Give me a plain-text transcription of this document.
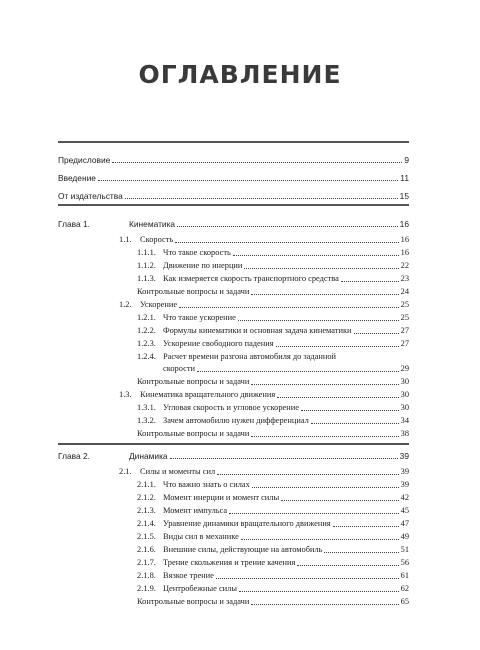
ОГЛАВЛЕНИЕ
Предисловие	9
Введение	11
От издательства	15
Глава 1.	Кинематика	16
1.1. Скорость	16
1.1.1. Что такое скорость	16
1.1.2. Движение по инерции	22
1.1.3. Как измеряется скорость транспортного средства	23
Контрольные вопросы и задачи	24
1.2. Ускорение	25
1.2.1. Что такое ускорение	25
1.2.2. Формулы кинематики и основная задача кинематики	27
1.2.3. Ускорение свободного падения	27
1.2.4. Расчет времени разгона автомобиля до заданной
скорости	29
Контрольные вопросы и задачи	30
1.3. Кинематика вращательного движения	30
1.3.1. Угловая скорость и угловое ускорение	30
1.3.2. Зачем автомобилю нужен дифференциал	34
Контрольные вопросы и задачи	38
Глава 2.	Динамика	39
2.1. Силы и моменты сил	39
2.1.1. Что важно знать о силах	39
2.1.2. Момент инерции и момент силы	42
2.1.3. Момент импульса	45
2.1.4. Уравнение динамики вращательного движения	47
2.1.5. Виды сил в механике	49
2.1.6. Внешние силы, действующие на автомобиль	51
2.1.7. Трение скольжения и трение качения	56
2.1.8. Вязкое трение	61
2.1.9. Центробежные силы	62
Контрольные вопросы и задачи	65
